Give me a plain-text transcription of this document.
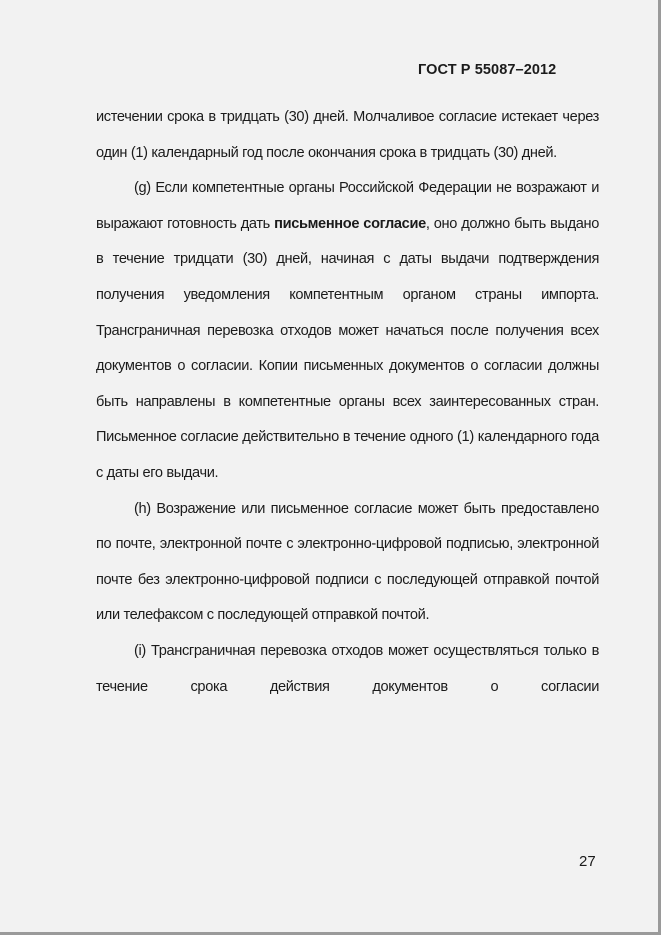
ГОСТ Р 55087–2012

истечении срока в тридцать (30) дней. Молчаливое согласие истекает через один (1) календарный год после окончания срока в тридцать (30) дней.

(g) Если компетентные органы Российской Федерации не возражают и выражают готовность дать письменное согласие, оно должно быть выдано в течение тридцати (30) дней, начиная с даты выдачи подтверждения получения уведомления компетентным органом страны импорта. Трансграничная перевозка отходов может начаться после получения всех документов о согласии. Копии письменных документов о согласии должны быть направлены в компетентные органы всех заинтересованных стран. Письменное согласие действительно в течение одного (1) календарного года с даты его выдачи.

(h) Возражение или письменное согласие может быть предоставлено по почте, электронной почте с электронно-цифровой подписью, электронной почте без электронно-цифровой подписи с последующей отправкой почтой или телефаксом с последующей отправкой почтой.

(i) Трансграничная перевозка отходов может осуществляться только в течение срока действия документов о согласии

27
